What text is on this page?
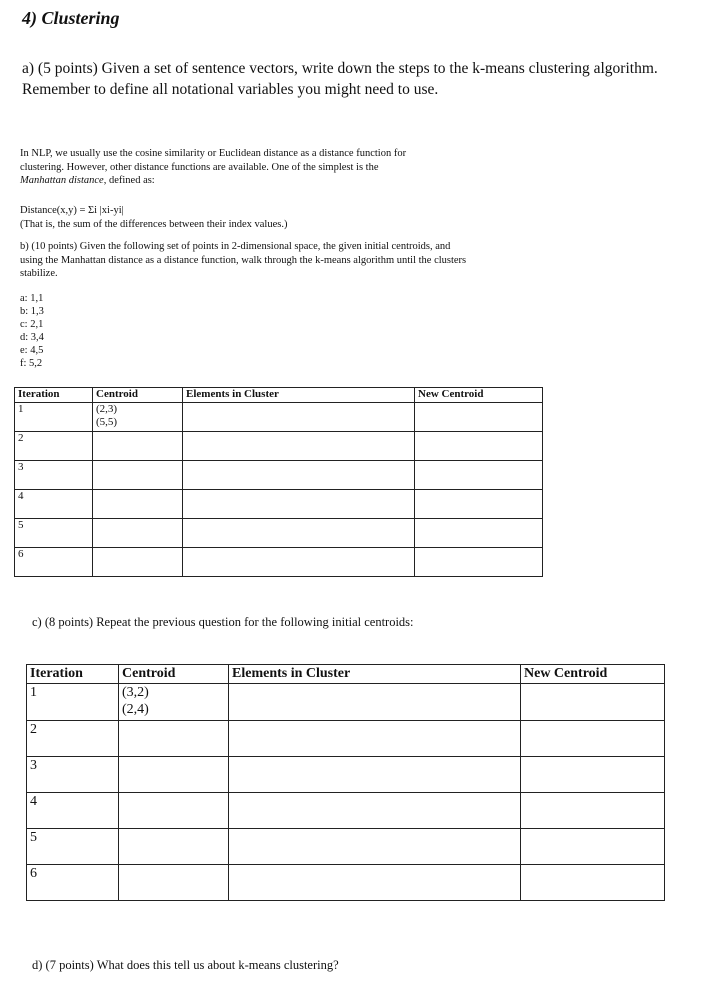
4) Clustering
a) (5 points) Given a set of sentence vectors, write down the steps to the k-means clustering algorithm. Remember to define all notational variables you might need to use.
In NLP, we usually use the cosine similarity or Euclidean distance as a distance function for
clustering. However, other distance functions are available. One of the simplest is the
Manhattan distance, defined as:
Distance(x,y) = Σi |xi-yi|
(That is, the sum of the differences between their index values.)
b) (10 points) Given the following set of points in 2-dimensional space, the given initial centroids, and using the Manhattan distance as a distance function, walk through the k-means algorithm until the clusters stabilize.
a: 1,1
b: 1,3
c: 2,1
d: 3,4
e: 4,5
f: 5,2
Iteration	Centroid	Elements in Cluster	New Centroid
1	(2,3)
(5,5)		

2			
3			
4			
5			
6			
c) (8 points) Repeat the previous question for the following initial centroids:
Iteration	Centroid	Elements in Cluster	New Centroid
1	(3,2)
(2,4)		

2			
3			
4			
5			
6			
d) (7 points) What does this tell us about k-means clustering?
